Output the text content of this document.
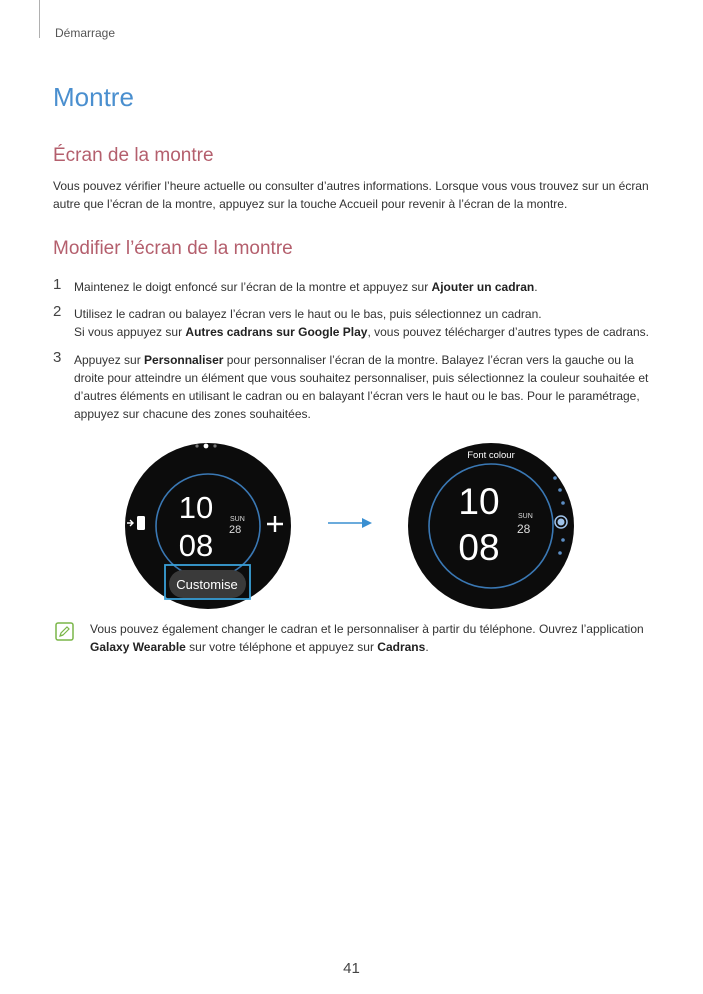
Démarrage
Montre
Écran de la montre

Vous pouvez vérifier l’heure actuelle ou consulter d’autres informations. Lorsque vous vous trouvez sur un écran autre que l’écran de la montre, appuyez sur la touche Accueil pour revenir à l’écran de la montre.

Modifier l’écran de la montre
1 Maintenez le doigt enfoncé sur l’écran de la montre et appuyez sur Ajouter un cadran.

2 Utilisez le cadran ou balayez l’écran vers le haut ou le bas, puis sélectionnez un cadran.
Si vous appuyez sur Autres cadrans sur Google Play, vous pouvez télécharger d’autres types de cadrans.

3 Appuyez sur Personnaliser pour personnaliser l’écran de la montre. Balayez l’écran vers la gauche ou la droite pour atteindre un élément que vous souhaitez personnaliser, puis sélectionnez la couleur souhaitée et d’autres éléments en utilisant le cadran ou en balayant l’écran vers le haut ou le bas. Pour le paramétrage, appuyez sur chacune des zones souhaitées.

10
08
SUN
28
Customise
Font colour
10
08
SUN
28

Vous pouvez également changer le cadran et le personnaliser à partir du téléphone. Ouvrez l’application Galaxy Wearable sur votre téléphone et appuyez sur Cadrans.

41
